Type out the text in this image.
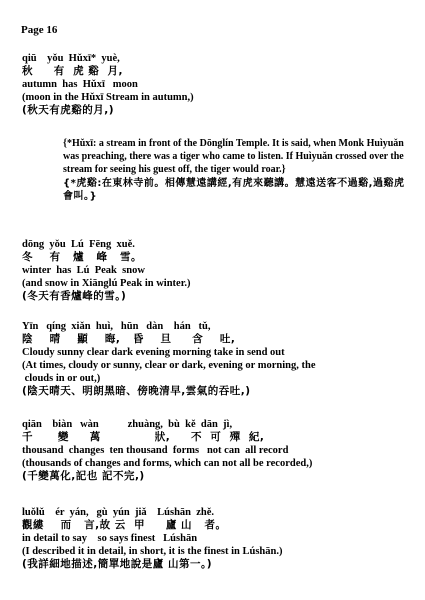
Page 16
qiū    yǒu  Hǔxī*  yuè,
秋     有  虎 谿  月,
autumn  has  Hǔxī   moon
(moon in the Hǔxī Stream in autumn,)
(秋天有虎谿的月,)
{*Hǔxī: a stream in front of the Dōnglín Temple. It is said, when Monk Huìyuǎn was preaching, there was a tiger who came to listen. If Huìyuǎn crossed over the stream for seeing his guest off, the tiger would roar.}
{*虎谿:在東林寺前。相傳慧遠講經,有虎來聽講。慧遠送客不過谿,過谿虎會叫。}
dōng  yǒu  Lú  Fēng  xuě.
冬    有   爐   峰   雪。
winter  has  Lú  Peak  snow
(and snow in Xiānglú Peak in winter.)
(冬天有香爐峰的雪。)
Yīn   qíng  xiǎn  huì,   hūn   dàn    hán   tǔ,
陰    晴    顯    晦,   昏    旦     含    吐,
Cloudy sunny clear dark evening morning take in send out
(At times, cloudy or sunny, clear or dark, evening or morning, the
clouds in or out,)
(陰天晴天、明朗黑暗、傍晚清早,雲氣的吞吐,)
qiān    biàn   wàn           zhuàng,  bù  kě  dān  jì,
千      變     萬             狀,     不  可  殫  紀,
thousand  changes  ten thousand  forms   not can  all record
(thousands of changes and forms, which can not all be recorded,)
(千變萬化,記也 記不完,)
luǒlǔ    ér  yán,   gù  yún  jiǎ    Lúshān  zhě.
觀縷    而   言,故 云  甲     廬 山   者。
in detail to say    so says finest   Lúshān
(I described it in detail, in short, it is the finest in Lúshān.)
(我詳細地描述,簡單地說是廬 山第一。)
